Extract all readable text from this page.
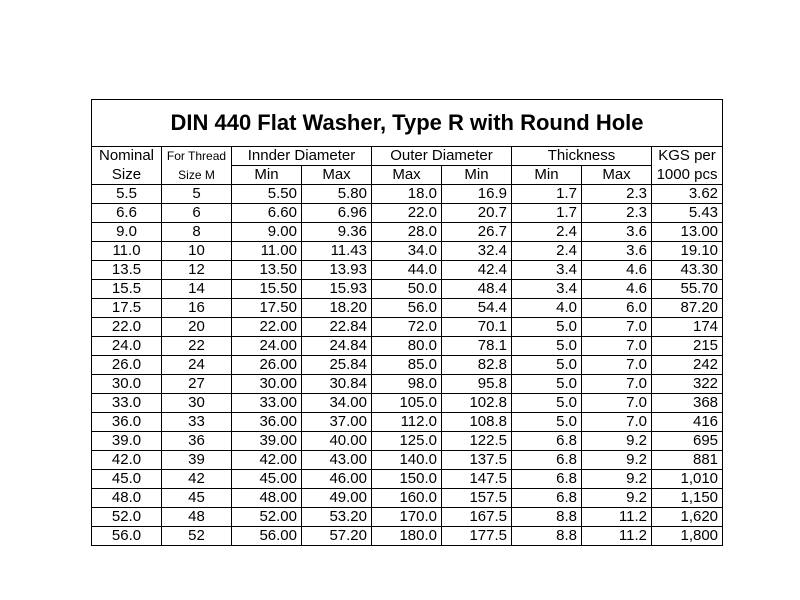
DIN 440 Flat Washer, Type R with Round Hole								
Nominal	For Thread	Innder Diameter		Outer Diameter		Thickness		KGS per
Size	Size M	Min	Max	Max	Min	Min	Max	1000 pcs
5.5	5	5.50	5.80	18.0	16.9	1.7	2.3	3.62
6.6	6	6.60	6.96	22.0	20.7	1.7	2.3	5.43
9.0	8	9.00	9.36	28.0	26.7	2.4	3.6	13.00
11.0	10	11.00	11.43	34.0	32.4	2.4	3.6	19.10
13.5	12	13.50	13.93	44.0	42.4	3.4	4.6	43.30
15.5	14	15.50	15.93	50.0	48.4	3.4	4.6	55.70
17.5	16	17.50	18.20	56.0	54.4	4.0	6.0	87.20
22.0	20	22.00	22.84	72.0	70.1	5.0	7.0	174
24.0	22	24.00	24.84	80.0	78.1	5.0	7.0	215
26.0	24	26.00	25.84	85.0	82.8	5.0	7.0	242
30.0	27	30.00	30.84	98.0	95.8	5.0	7.0	322
33.0	30	33.00	34.00	105.0	102.8	5.0	7.0	368
36.0	33	36.00	37.00	112.0	108.8	5.0	7.0	416
39.0	36	39.00	40.00	125.0	122.5	6.8	9.2	695
42.0	39	42.00	43.00	140.0	137.5	6.8	9.2	881
45.0	42	45.00	46.00	150.0	147.5	6.8	9.2	1,010
48.0	45	48.00	49.00	160.0	157.5	6.8	9.2	1,150
52.0	48	52.00	53.20	170.0	167.5	8.8	11.2	1,620
56.0	52	56.00	57.20	180.0	177.5	8.8	11.2	1,800
